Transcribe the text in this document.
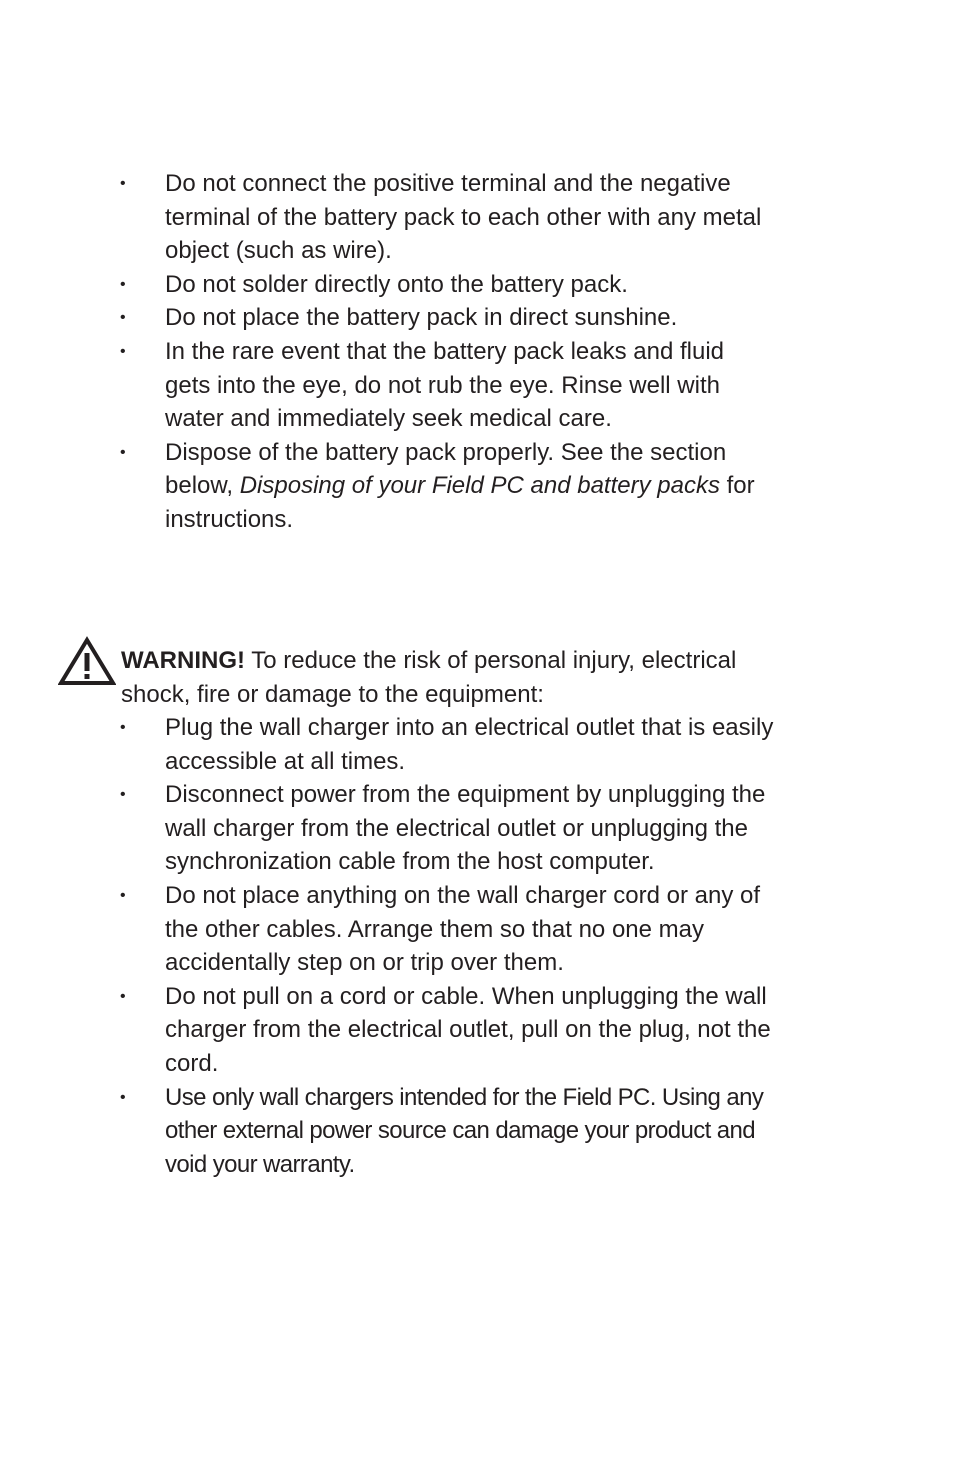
• Do not connect the positive terminal and the negative terminal of the battery pack to each other with any metal object (such as wire).
• Do not solder directly onto the battery pack.
• Do not place the battery pack in direct sunshine.
• In the rare event that the battery pack leaks and fluid gets into the eye, do not rub the eye. Rinse well with water and immediately seek medical care.
• Dispose of the battery pack properly. See the section below, Disposing of your Field PC and battery packs for instructions.
WARNING! To reduce the risk of personal injury, electrical shock, fire or damage to the equipment:
• Plug the wall charger into an electrical outlet that is easily accessible at all times.
• Disconnect power from the equipment by unplugging the wall charger from the electrical outlet or unplugging the synchronization cable from the host computer.
• Do not place anything on the wall charger cord or any of the other cables. Arrange them so that no one may accidentally step on or trip over them.
• Do not pull on a cord or cable. When unplugging the wall charger from the electrical outlet, pull on the plug, not the cord.
• Use only wall chargers intended for the Field PC. Using any other external power source can damage your product and void your warranty.
